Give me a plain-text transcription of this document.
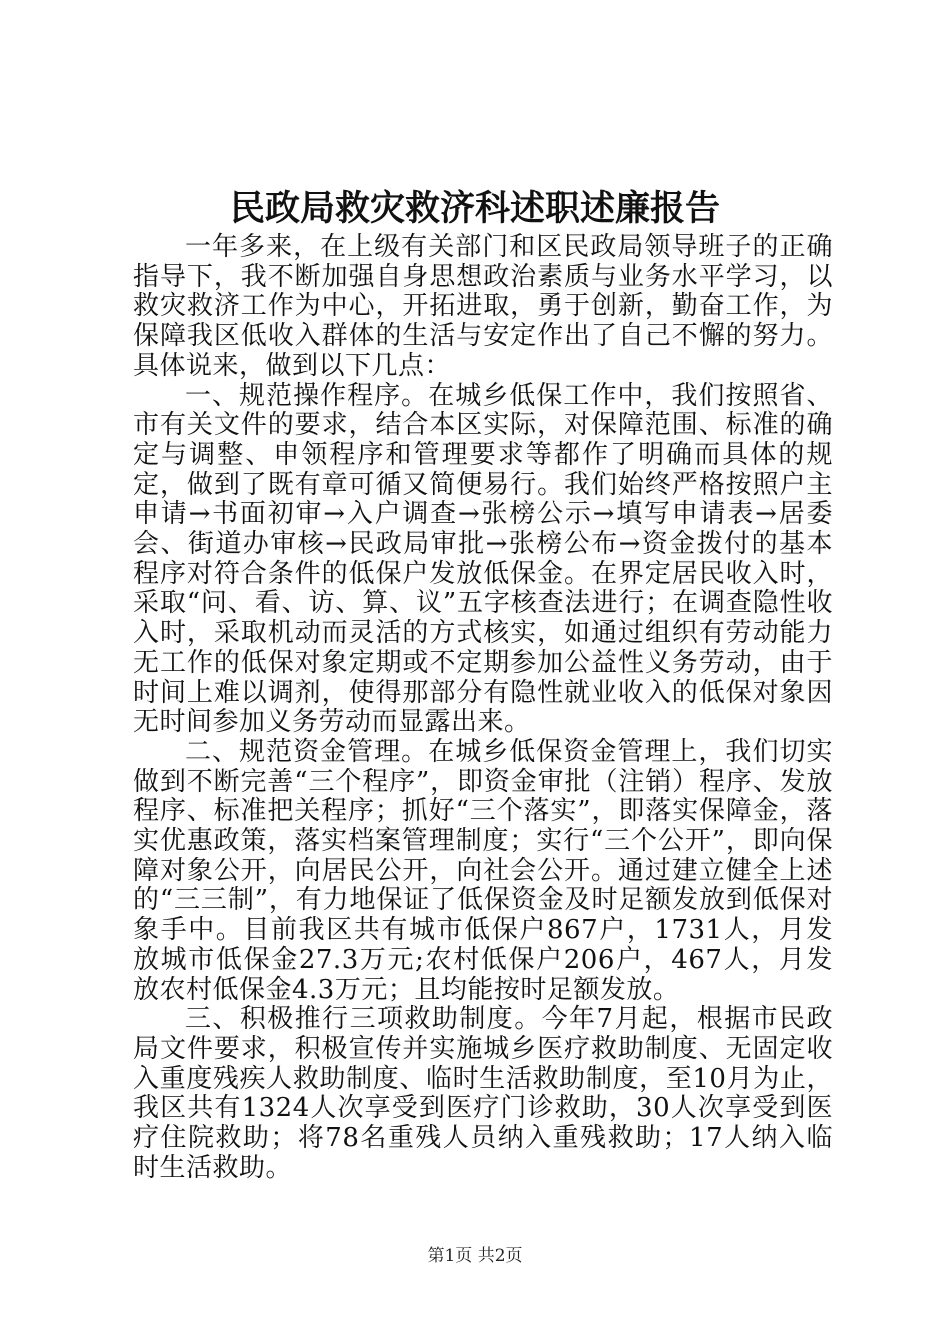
民政局救灾救济科述职述廉报告

一年多来，在上级有关部门和区民政局领导班子的正确指导下，我不断加强自身思想政治素质与业务水平学习，以救灾救济工作为中心，开拓进取，勇于创新，勤奋工作，为保障我区低收入群体的生活与安定作出了自己不懈的努力。具体说来，做到以下几点：

一、规范操作程序。在城乡低保工作中，我们按照省、市有关文件的要求，结合本区实际，对保障范围、标准的确定与调整、申领程序和管理要求等都作了明确而具体的规定，做到了既有章可循又简便易行。我们始终严格按照户主申请→书面初审→入户调查→张榜公示→填写申请表→居委会、街道办审核→民政局审批→张榜公布→资金拨付的基本程序对符合条件的低保户发放低保金。在界定居民收入时，采取“问、看、访、算、议”五字核查法进行；在调查隐性收入时，采取机动而灵活的方式核实，如通过组织有劳动能力无工作的低保对象定期或不定期参加公益性义务劳动，由于时间上难以调剂，使得那部分有隐性就业收入的低保对象因无时间参加义务劳动而显露出来。

二、规范资金管理。在城乡低保资金管理上，我们切实做到不断完善“三个程序”，即资金审批（注销）程序、发放程序、标准把关程序；抓好“三个落实”，即落实保障金，落实优惠政策，落实档案管理制度；实行“三个公开”，即向保障对象公开，向居民公开，向社会公开。通过建立健全上述的“三三制”，有力地保证了低保资金及时足额发放到低保对象手中。目前我区共有城市低保户867户，1731人，月发放城市低保金27.3万元;农村低保户206户，467人，月发放农村低保金4.3万元；且均能按时足额发放。

三、积极推行三项救助制度。今年7月起，根据市民政局文件要求，积极宣传并实施城乡医疗救助制度、无固定收入重度残疾人救助制度、临时生活救助制度，至10月为止，我区共有1324人次享受到医疗门诊救助，30人次享受到医疗住院救助；将78名重残人员纳入重残救助；17人纳入临时生活救助。

第1页 共2页
